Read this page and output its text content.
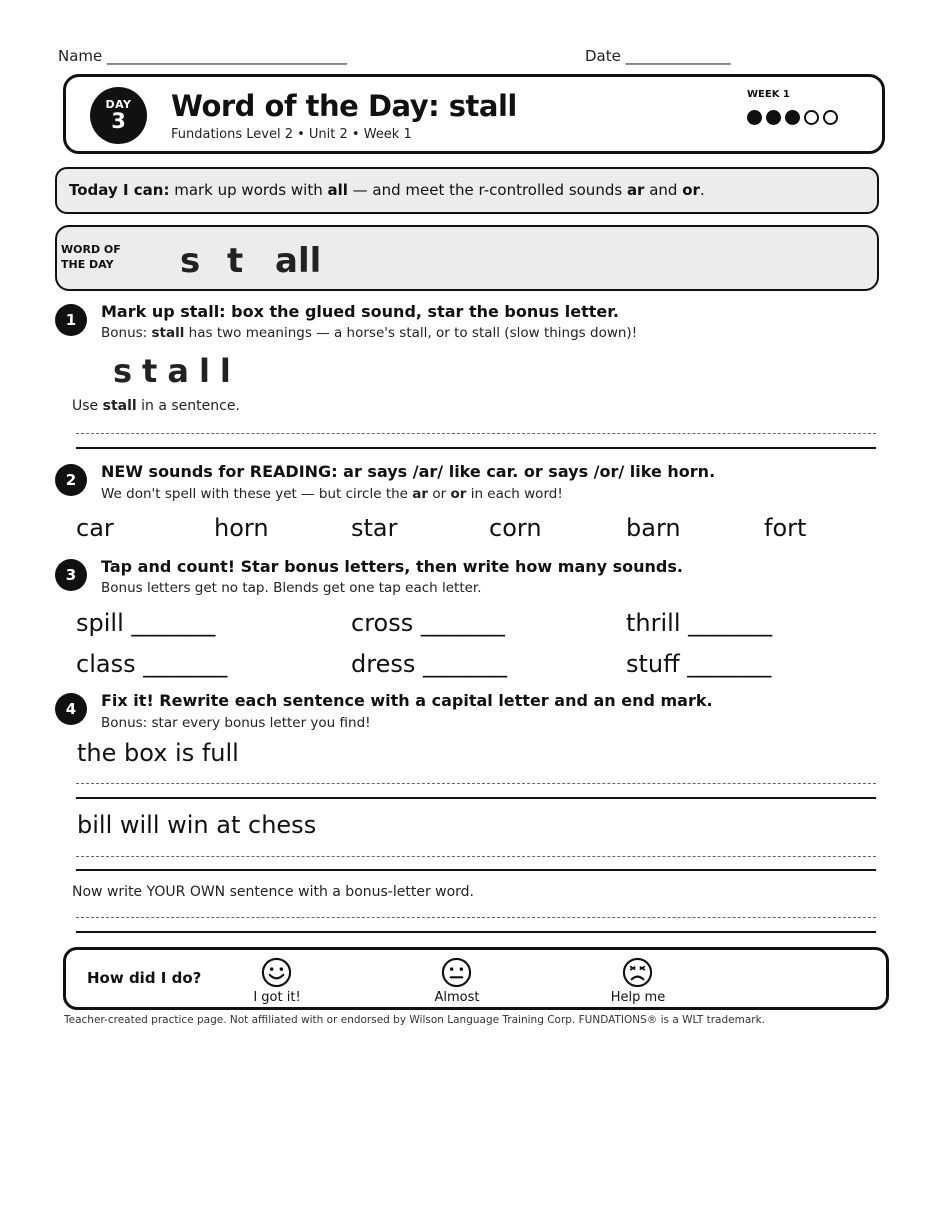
Name ________________________________	Date ______________
DAY
3	Word of the Day: stall
Fundations Level 2 • Unit 2 • Week 1
WEEK 1
Today I can: mark up words with all — and meet the r-controlled sounds ar and or.
WORD OF
THE DAY s t all
1	Mark up stall: box the glued sound, star the bonus letter.
Bonus: stall has two meanings — a horse's stall, or to stall (slow things down)!
stall
Use stall in a sentence.
2	NEW sounds for READING: ar says /ar/ like car. or says /or/ like horn.
We don't spell with these yet — but circle the ar or or in each word!
car	horn	star	corn	barn	fort
3	Tap and count! Star bonus letters, then write how many sounds.
Bonus letters get no tap. Blends get one tap each letter.
spill _______	cross _______	thrill _______
class _______	dress _______	stuff _______
4	Fix it! Rewrite each sentence with a capital letter and an end mark.
Bonus: star every bonus letter you find!
the box is full
bill will win at chess
Now write YOUR OWN sentence with a bonus-letter word.
How did I do?
I got it!	Almost	Help me
Teacher-created practice page. Not affiliated with or endorsed by Wilson Language Training Corp. FUNDATIONS® is a WLT trademark.
